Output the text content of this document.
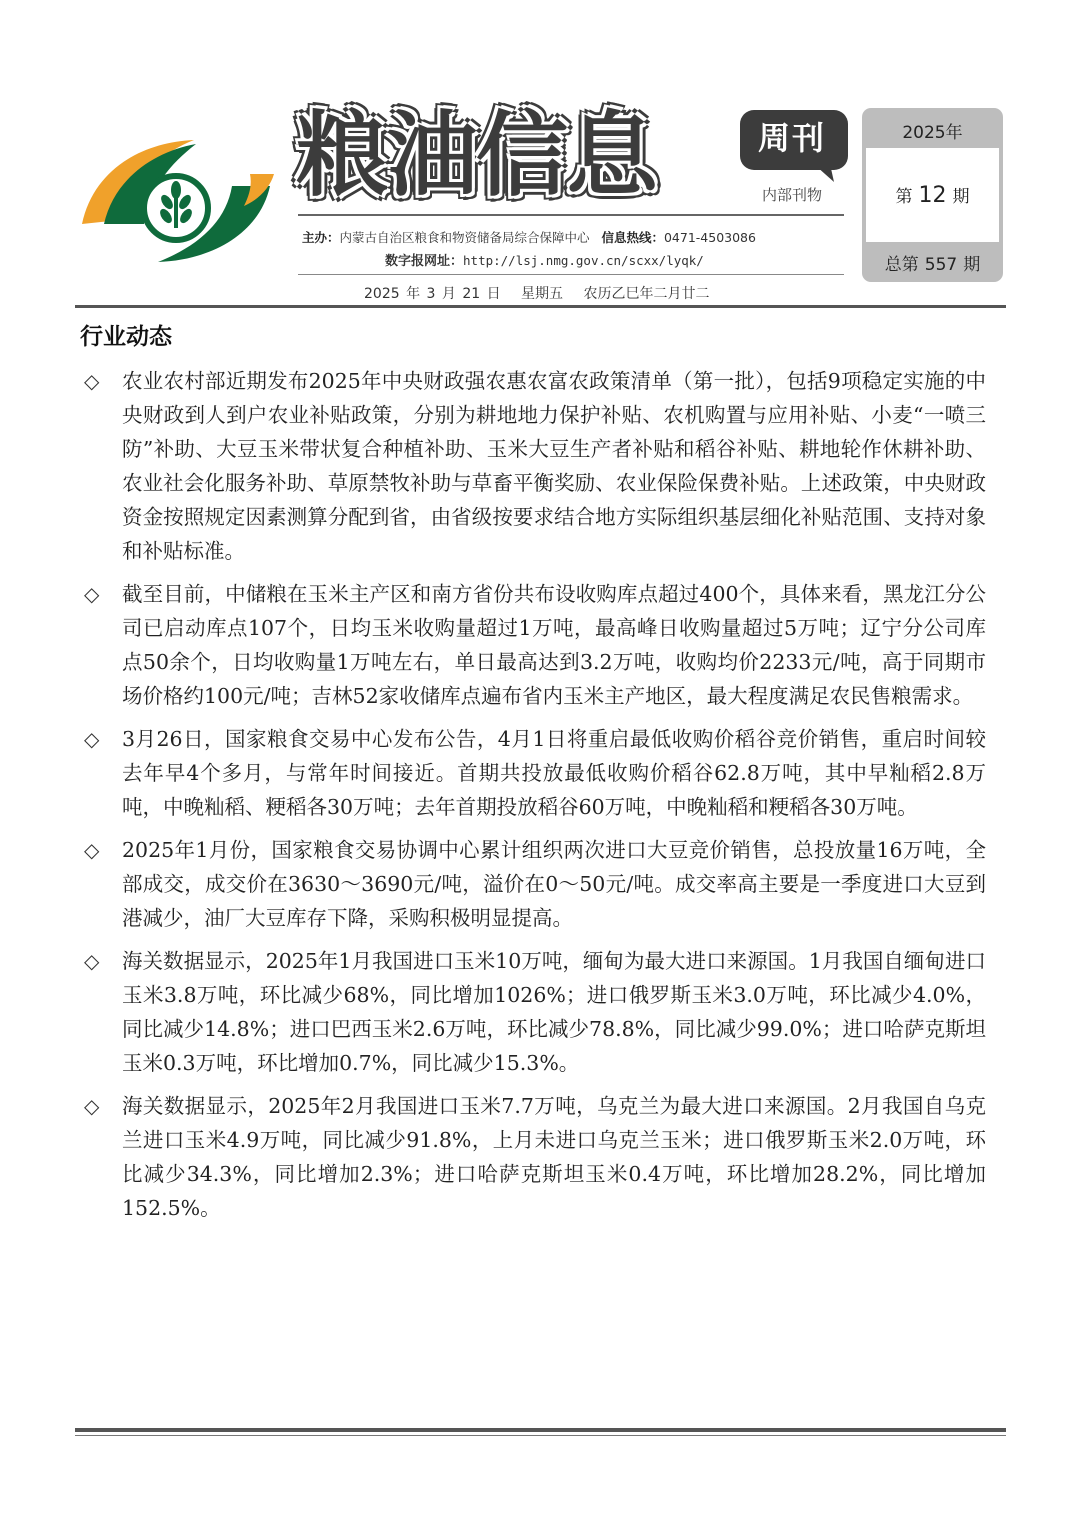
粮油信息	周刊
内部刊物
主办：内蒙古自治区粮食和物资储备局综合保障中心 信息热线：0471-4503086
数字报网址：http://lsj.nmg.gov.cn/scxx/lyqk/
2025年
第 12 期
总第 557 期
2025 年 3 月 21 日　 星期五　 农历乙巳年二月廿二
行业动态
◇ 农业农村部近期发布2025年中央财政强农惠农富农政策清单（第一批），包括9项稳定实施的中央财政到人到户农业补贴政策，分别为耕地地力保护补贴、农机购置与应用补贴、小麦“一喷三防”补助、大豆玉米带状复合种植补助、玉米大豆生产者补贴和稻谷补贴、耕地轮作休耕补助、农业社会化服务补助、草原禁牧补助与草畜平衡奖励、农业保险保费补贴。上述政策，中央财政资金按照规定因素测算分配到省，由省级按要求结合地方实际组织基层细化补贴范围、支持对象和补贴标准。
◇ 截至目前，中储粮在玉米主产区和南方省份共布设收购库点超过400个，具体来看，黑龙江分公司已启动库点107个，日均玉米收购量超过1万吨，最高峰日收购量超过5万吨；辽宁分公司库点50余个，日均收购量1万吨左右，单日最高达到3.2万吨，收购均价2233元/吨，高于同期市场价格约100元/吨；吉林52家收储库点遍布省内玉米主产地区，最大程度满足农民售粮需求。
◇ 3月26日，国家粮食交易中心发布公告，4月1日将重启最低收购价稻谷竞价销售，重启时间较去年早4个多月，与常年时间接近。首期共投放最低收购价稻谷62.8万吨，其中早籼稻2.8万吨，中晚籼稻、粳稻各30万吨；去年首期投放稻谷60万吨，中晚籼稻和粳稻各30万吨。
◇ 2025年1月份，国家粮食交易协调中心累计组织两次进口大豆竞价销售，总投放量16万吨，全部成交，成交价在3630～3690元/吨，溢价在0～50元/吨。成交率高主要是一季度进口大豆到港减少，油厂大豆库存下降，采购积极明显提高。
◇ 海关数据显示，2025年1月我国进口玉米10万吨，缅甸为最大进口来源国。1月我国自缅甸进口玉米3.8万吨，环比减少68%，同比增加1026%；进口俄罗斯玉米3.0万吨，环比减少4.0%，同比减少14.8%；进口巴西玉米2.6万吨，环比减少78.8%，同比减少99.0%；进口哈萨克斯坦玉米0.3万吨，环比增加0.7%，同比减少15.3%。
◇ 海关数据显示，2025年2月我国进口玉米7.7万吨，乌克兰为最大进口来源国。2月我国自乌克兰进口玉米4.9万吨，同比减少91.8%，上月未进口乌克兰玉米；进口俄罗斯玉米2.0万吨，环比减少34.3%，同比增加2.3%；进口哈萨克斯坦玉米0.4万吨，环比增加28.2%，同比增加152.5%。
